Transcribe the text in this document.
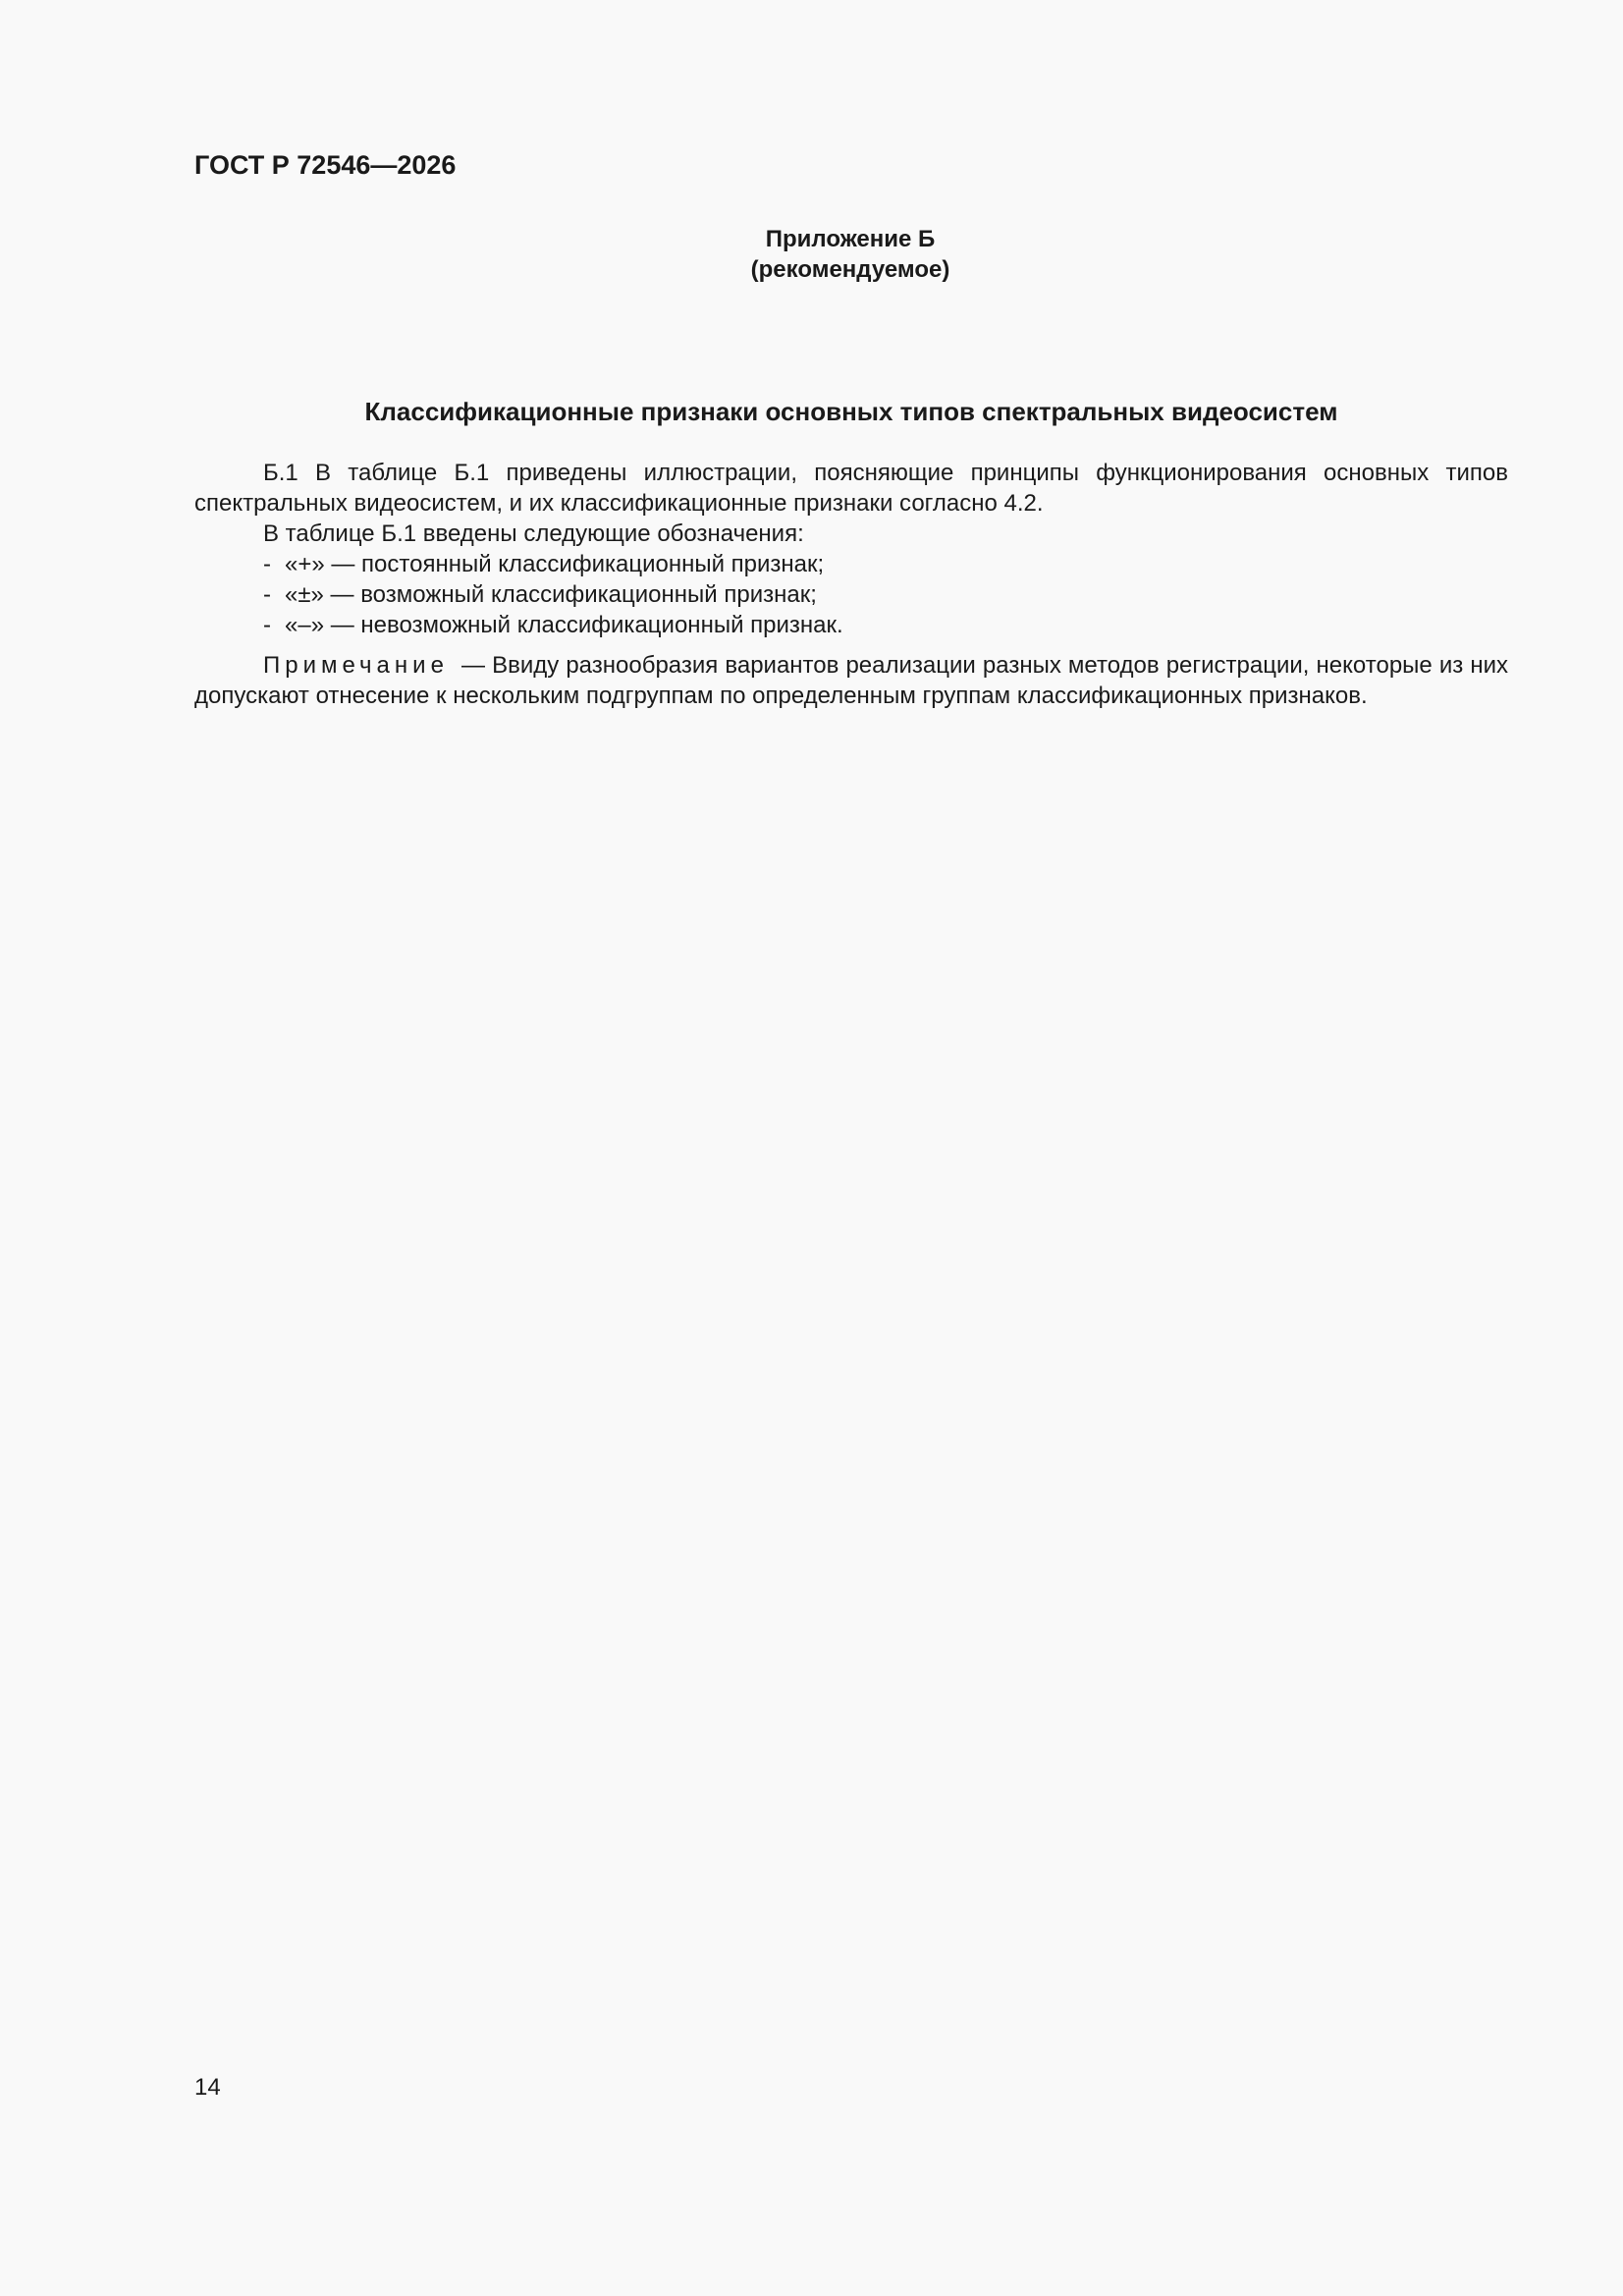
ГОСТ Р 72546—2026
Приложение Б
(рекомендуемое)
Классификационные признаки основных типов спектральных видеосистем

Б.1 В таблице Б.1 приведены иллюстрации, поясняющие принципы функционирования основных типов спектральных видеосистем, и их классификационные признаки согласно 4.2.

В таблице Б.1 введены следующие обозначения:

- «+» — постоянный классификационный признак;
- «±» — возможный классификационный признак;
- «–» — невозможный классификационный признак.

Примечание — Ввиду разнообразия вариантов реализации разных методов регистрации, некоторые из них допускают отнесение к нескольким подгруппам по определенным группам классификационных признаков.

14
